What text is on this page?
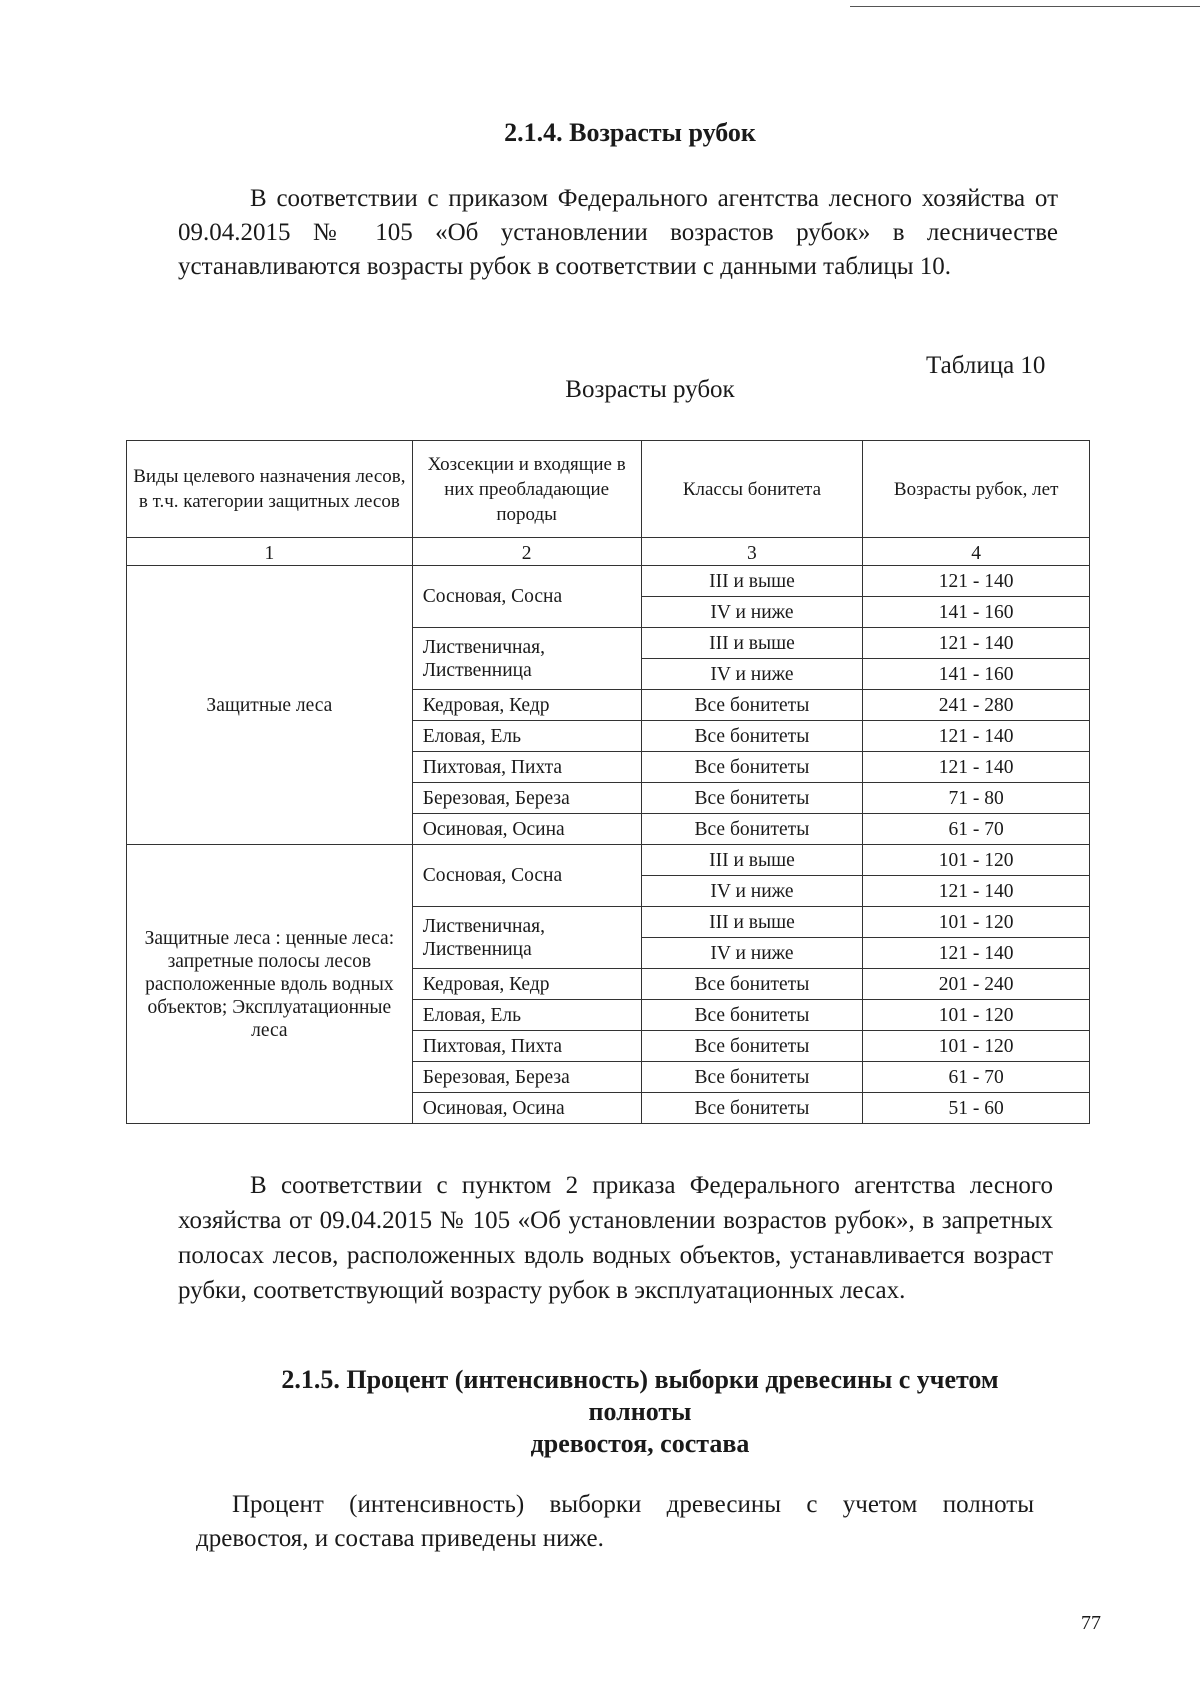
2.1.4. Возрасты рубок
В соответствии с приказом Федерального агентства лесного хозяйства от 09.04.2015 № 105 «Об установлении возрастов рубок» в лесничестве устанавливаются возрасты рубок в соответствии с данными таблицы 10.
Таблица 10
Возрасты рубок
Виды целевого назначения лесов, в т.ч. категории защитных лесов	Хозсекции и входящие в них преобладающие породы	Классы бонитета	Возрасты рубок, лет
1	2	3	4
Защитные леса	Сосновая, Сосна	III и выше	121 - 140
		IV и ниже	141 - 160
	Лиственичная, Лиственница	III и выше	121 - 140
		IV и ниже	141 - 160
	Кедровая, Кедр	Все бонитеты	241 - 280
	Еловая, Ель	Все бонитеты	121 - 140
	Пихтовая, Пихта	Все бонитеты	121 - 140
	Березовая, Береза	Все бонитеты	71 - 80
	Осиновая, Осина	Все бонитеты	61 - 70
Защитные леса : ценные леса: запретные полосы лесов расположенные вдоль водных объектов; Эксплуатационные леса	Сосновая, Сосна	III и выше	101 - 120
		IV и ниже	121 - 140
	Лиственичная, Лиственница	III и выше	101 - 120
		IV и ниже	121 - 140
	Кедровая, Кедр	Все бонитеты	201 - 240
	Еловая, Ель	Все бонитеты	101 - 120
	Пихтовая, Пихта	Все бонитеты	101 - 120
	Березовая, Береза	Все бонитеты	61 - 70
	Осиновая, Осина	Все бонитеты	51 - 60
В соответствии с пунктом 2 приказа Федерального агентства лесного хозяйства от 09.04.2015 № 105 «Об установлении возрастов рубок», в запретных полосах лесов, расположенных вдоль водных объектов, устанавливается возраст рубки, соответствующий возрасту рубок в эксплуатационных лесах.
2.1.5. Процент (интенсивность) выборки древесины с учетом
полноты
древостоя, состава
Процент (интенсивность) выборки древесины с учетом полноты древостоя, и состава приведены ниже.
77
